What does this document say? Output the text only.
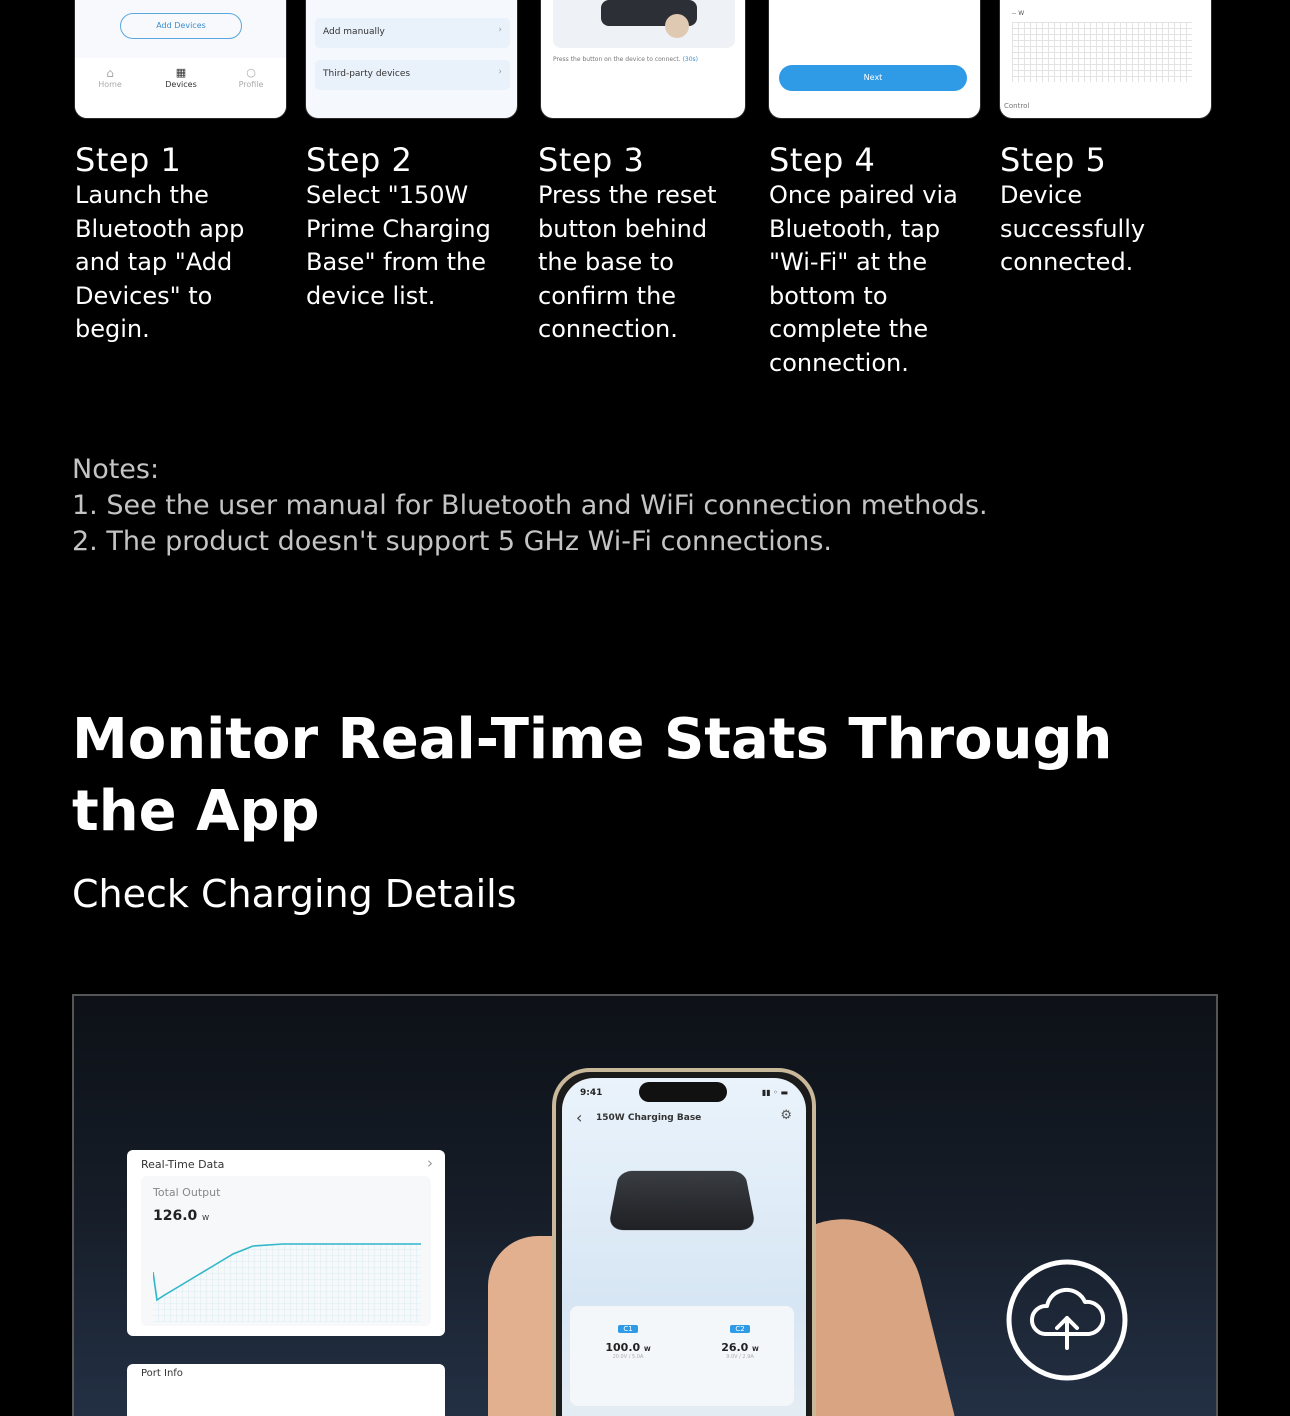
Add Devices
⌂
Home
▦
Devices
○
Profile
Add manually	›
Third-party devices	›
Press the button on the device to connect. (30s)
Next
-- W
Control
Step 1
Launch the Bluetooth app and tap "Add Devices" to begin.
Step 2
Select "150W Prime Charging Base" from the device list.
Step 3
Press the reset button behind the base to confirm the connection.
Step 4
Once paired via Bluetooth, tap "Wi-Fi" at the bottom to complete the connection.
Step 5
Device successfully connected.
Notes:
1. See the user manual for Bluetooth and WiFi connection methods.
2. The product doesn't support 5 GHz Wi-Fi connections.
Monitor Real-Time Stats Through the App
Check Charging Details
Real-Time Data	›
Total Output
126.0 W
Port Info
9:41	▮▮ ◦ ▬
‹ 150W Charging Base	⚙
C1
100.0 W
20.0V / 5.0A
C2
26.0 W
9.0V / 2.9A
